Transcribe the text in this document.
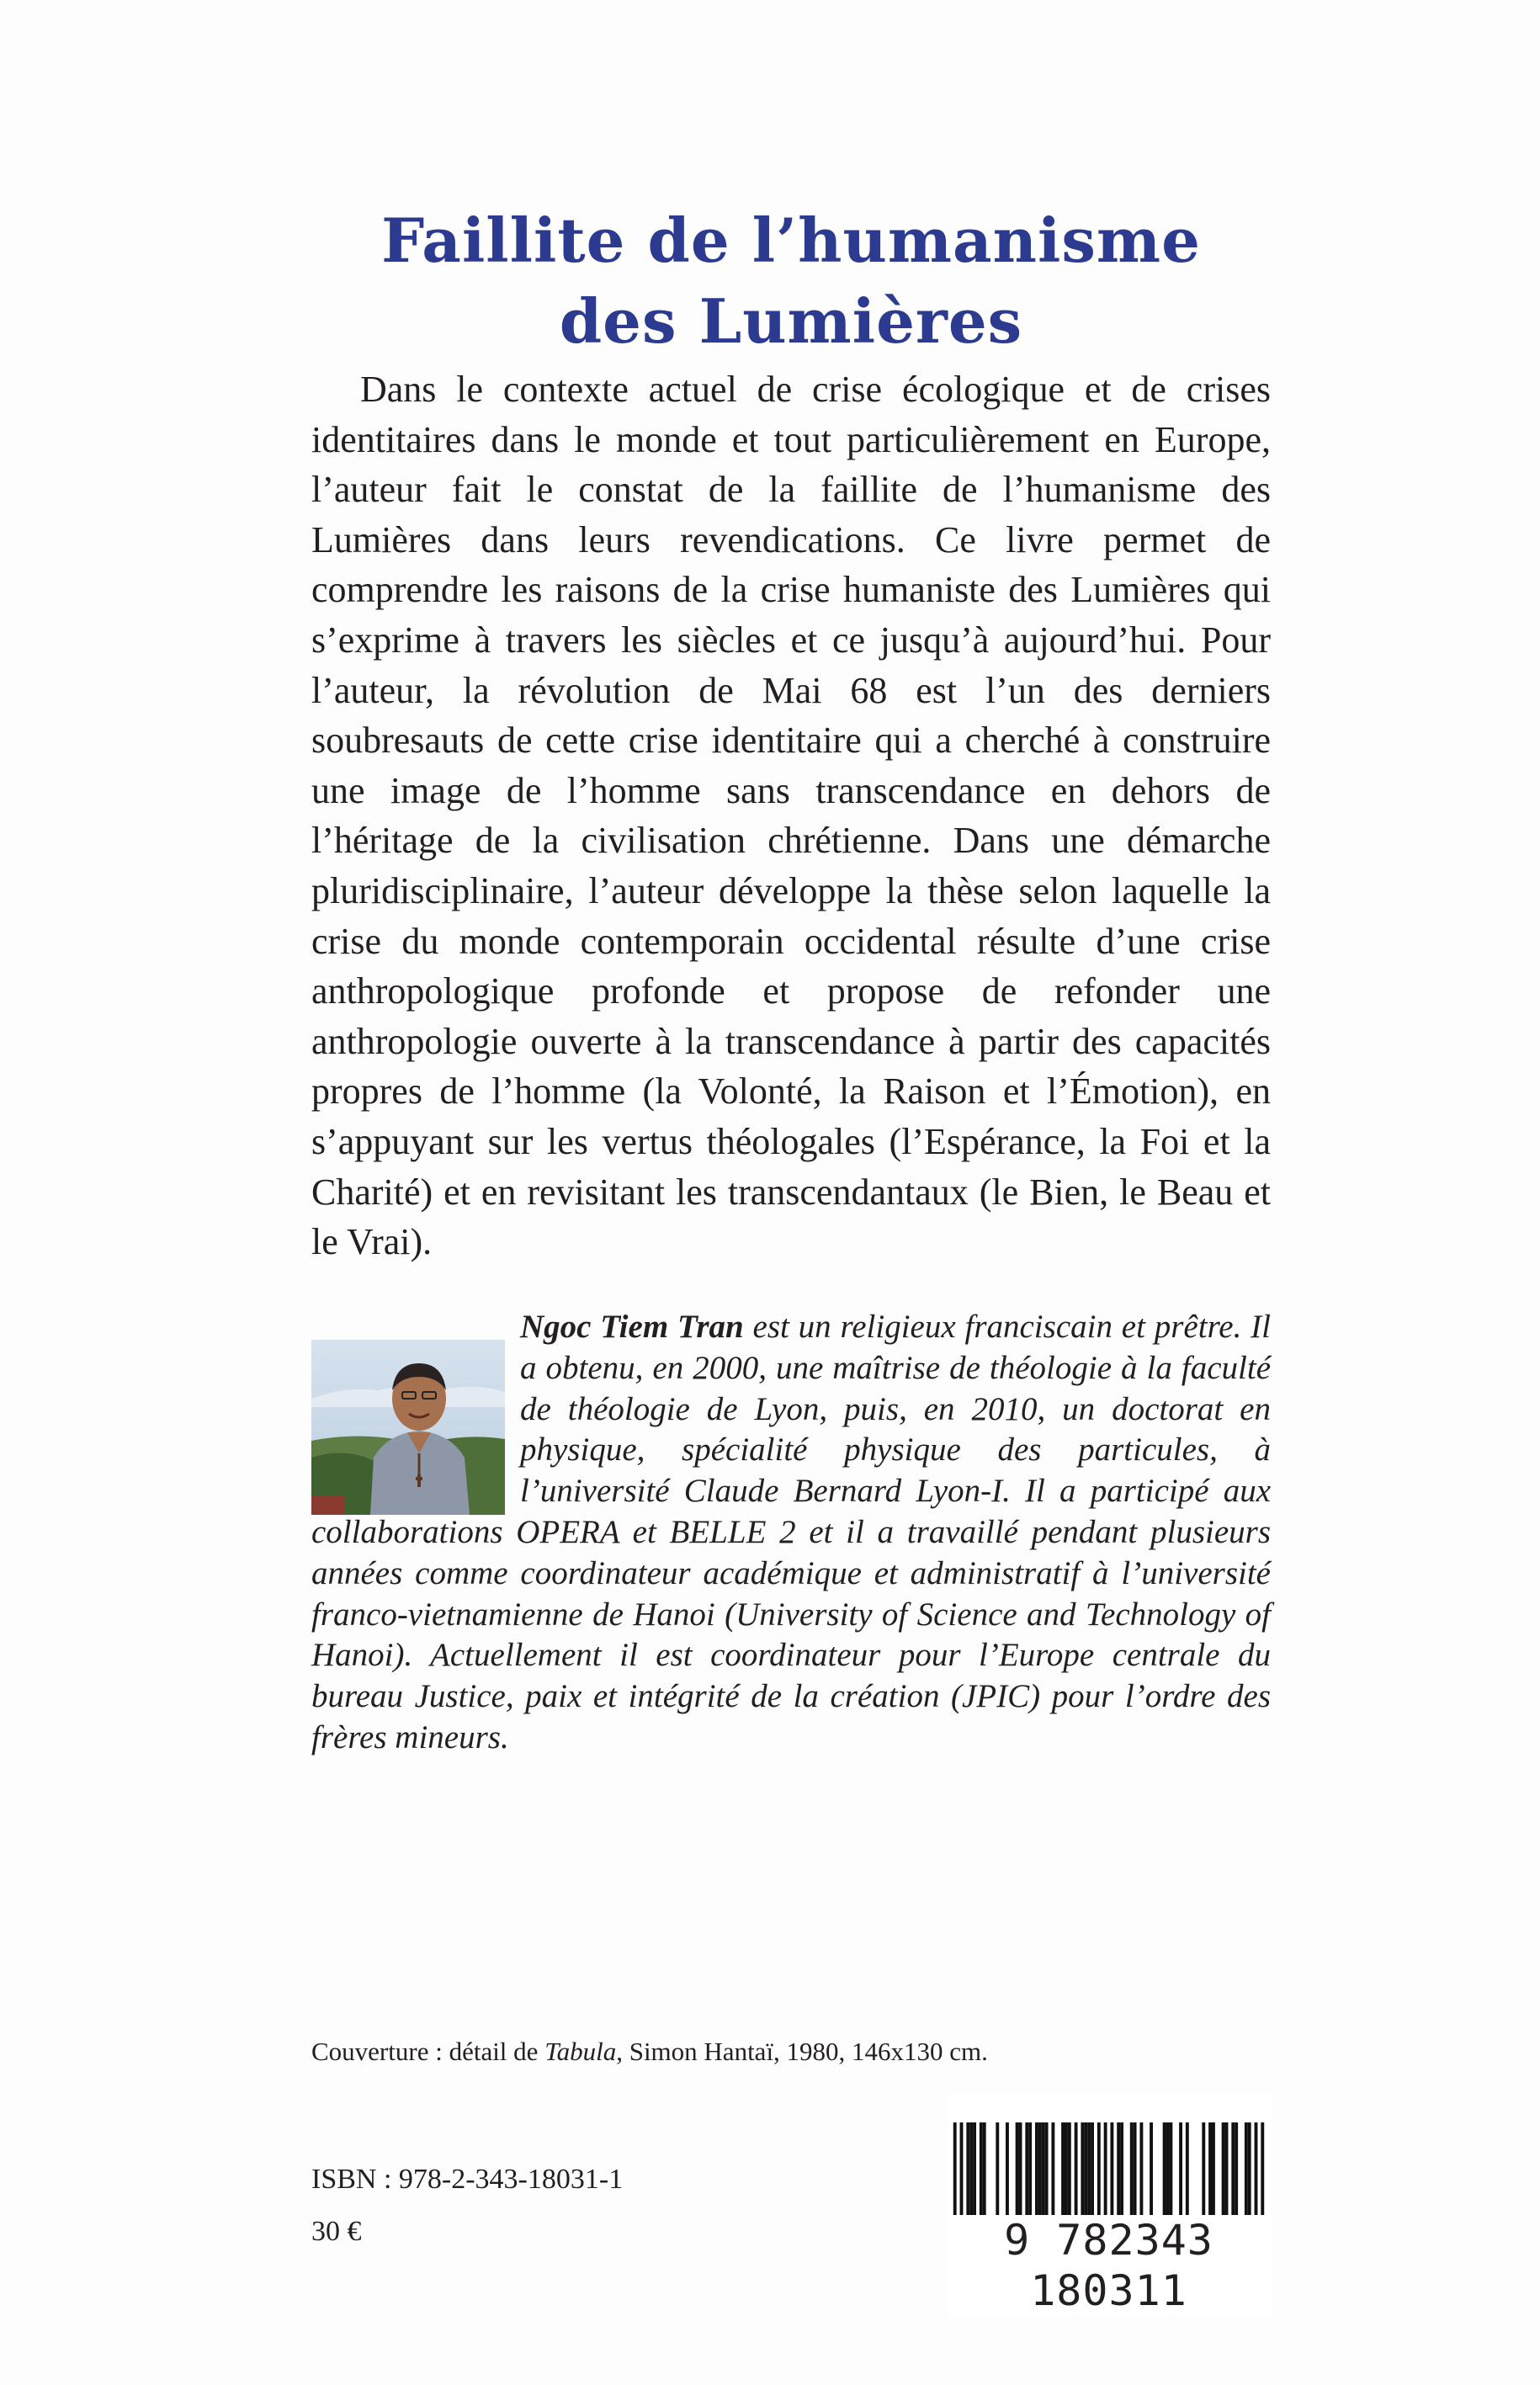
Faillite de l’humanisme
des Lumières

Dans le contexte actuel de crise écologique et de crises identitaires dans le monde et tout particulièrement en Europe, l’auteur fait le constat de la faillite de l’humanisme des Lumières dans leurs revendications. Ce livre permet de comprendre les raisons de la crise humaniste des Lumières qui s’exprime à travers les siècles et ce jusqu’à aujourd’hui. Pour l’auteur, la révolution de Mai 68 est l’un des derniers soubresauts de cette crise identitaire qui a cherché à construire une image de l’homme sans transcendance en dehors de l’héritage de la civilisation chrétienne. Dans une démarche pluridisciplinaire, l’auteur développe la thèse selon laquelle la crise du monde contemporain occidental résulte d’une crise anthropologique profonde et propose de refonder une anthropologie ouverte à la transcendance à partir des capacités propres de l’homme (la Volonté, la Raison et l’Émotion), en s’appuyant sur les vertus théologales (l’Espérance, la Foi et la Charité) et en revisitant les transcendantaux (le Bien, le Beau et le Vrai).

Ngoc Tiem Tran est un religieux franciscain et prêtre. Il a obtenu, en 2000, une maîtrise de théologie à la faculté de théologie de Lyon, puis, en 2010, un doctorat en physique, spécialité physique des particules, à l’université Claude Bernard Lyon-I. Il a participé aux collaborations OPERA et BELLE 2 et il a travaillé pendant plusieurs années comme coordinateur académique et administratif à l’université franco-vietnamienne de Hanoi (University of Science and Technology of Hanoi). Actuellement il est coordinateur pour l’Europe centrale du bureau Justice, paix et intégrité de la création (JPIC) pour l’ordre des frères mineurs.

Couverture : détail de Tabula, Simon Hantaï, 1980, 146x130 cm.
ISBN : 978-2-343-18031-1
30 €	9 782343 180311
